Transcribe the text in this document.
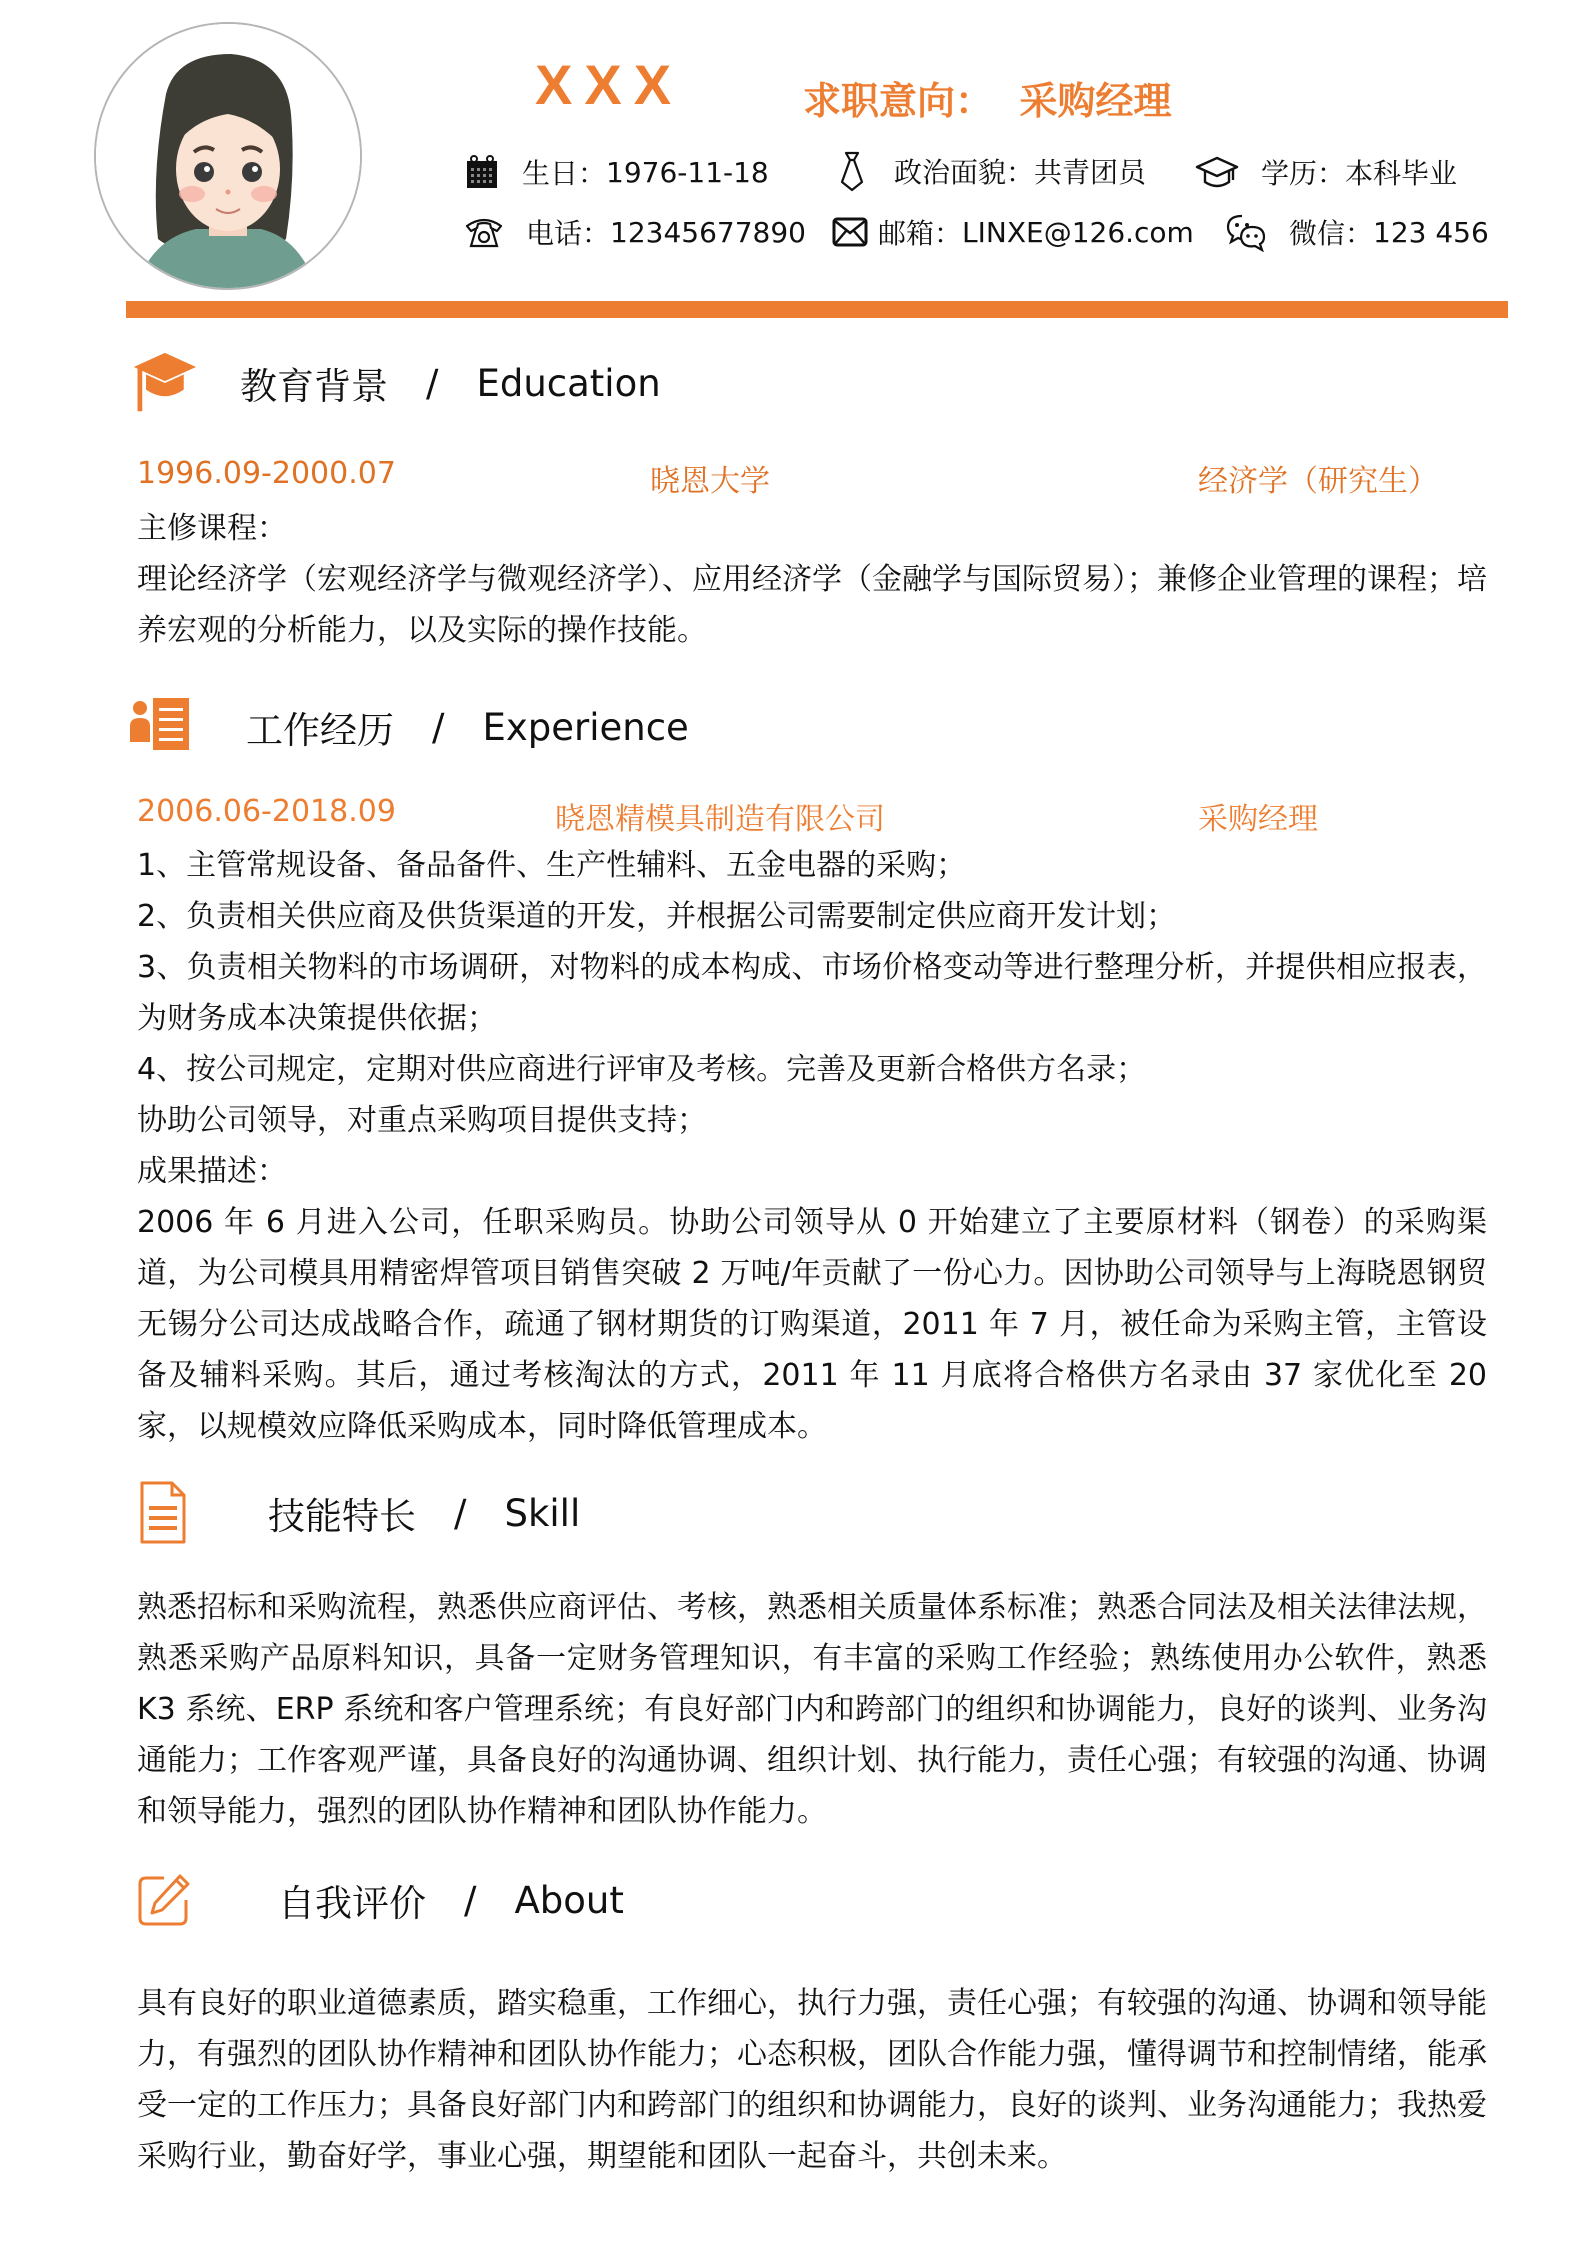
XXX	求职意向： 采购经理
生日： 1976-11-18	政治面貌： 共青团员	学历： 本科毕业
电话： 12345677890	邮箱： LINXE@126.com	微信： 123 456
教育背景 / Education
1996.09-2000.07	晓恩大学	经济学（研究生）

主修课程：

理论经济学（宏观经济学与微观经济学）、应用经济学（金融学与国际贸易）；兼修企业管理的课程；培养宏观的分析能力，以及实际的操作技能。

工作经历 / Experience
2006.06-2018.09	晓恩精模具制造有限公司	采购经理

1、主管常规设备、备品备件、生产性辅料、五金电器的采购；

2、负责相关供应商及供货渠道的开发，并根据公司需要制定供应商开发计划；

3、负责相关物料的市场调研，对物料的成本构成、市场价格变动等进行整理分析，并提供相应报表，为财务成本决策提供依据；

4、按公司规定，定期对供应商进行评审及考核。完善及更新合格供方名录；

协助公司领导，对重点采购项目提供支持；

成果描述：

2006 年 6 月进入公司，任职采购员。协助公司领导从 0 开始建立了主要原材料（钢卷）的采购渠道，为公司模具用精密焊管项目销售突破 2 万吨/年贡献了一份心力。因协助公司领导与上海晓恩钢贸无锡分公司达成战略合作，疏通了钢材期货的订购渠道，2011 年 7 月，被任命为采购主管，主管设备及辅料采购。其后，通过考核淘汰的方式，2011 年 11 月底将合格供方名录由 37 家优化至 20 家，以规模效应降低采购成本，同时降低管理成本。

技能特长 / Skill
熟悉招标和采购流程，熟悉供应商评估、考核，熟悉相关质量体系标准；熟悉合同法及相关法律法规，熟悉采购产品原料知识，具备一定财务管理知识，有丰富的采购工作经验；熟练使用办公软件，熟悉 K3 系统、ERP 系统和客户管理系统；有良好部门内和跨部门的组织和协调能力，良好的谈判、业务沟通能力；工作客观严谨，具备良好的沟通协调、组织计划、执行能力，责任心强；有较强的沟通、协调和领导能力，强烈的团队协作精神和团队协作能力。
自我评价 / About
具有良好的职业道德素质，踏实稳重，工作细心，执行力强，责任心强；有较强的沟通、协调和领导能力，有强烈的团队协作精神和团队协作能力；心态积极，团队合作能力强，懂得调节和控制情绪，能承受一定的工作压力；具备良好部门内和跨部门的组织和协调能力，良好的谈判、业务沟通能力；我热爱采购行业，勤奋好学，事业心强，期望能和团队一起奋斗，共创未来。
